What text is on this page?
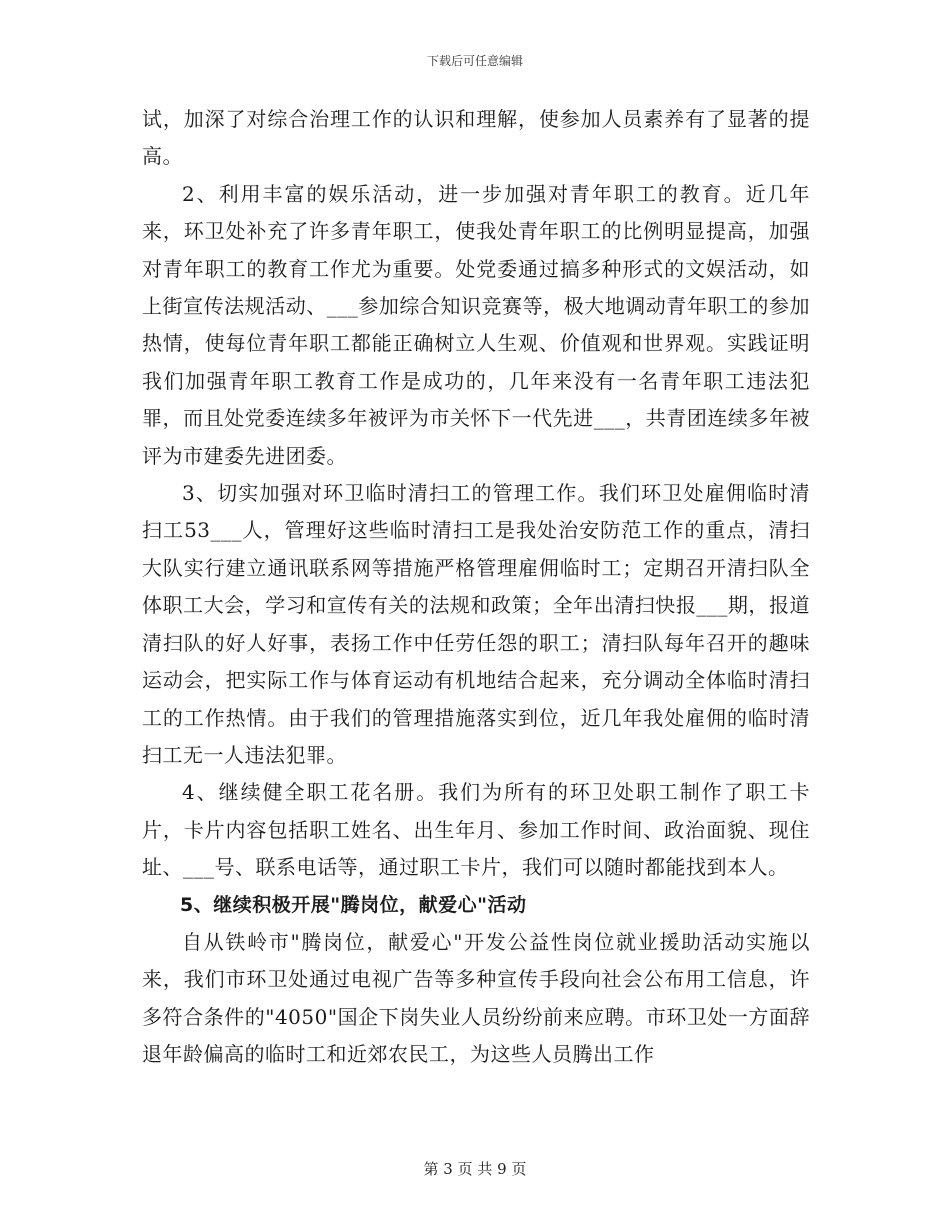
下载后可任意编辑

试，加深了对综合治理工作的认识和理解，使参加人员素养有了显著的提高。

2、利用丰富的娱乐活动，进一步加强对青年职工的教育。近几年来，环卫处补充了许多青年职工，使我处青年职工的比例明显提高，加强对青年职工的教育工作尤为重要。处党委通过搞多种形式的文娱活动，如上街宣传法规活动、___参加综合知识竞赛等，极大地调动青年职工的参加热情，使每位青年职工都能正确树立人生观、价值观和世界观。实践证明我们加强青年职工教育工作是成功的，几年来没有一名青年职工违法犯罪，而且处党委连续多年被评为市关怀下一代先进___，共青团连续多年被评为市建委先进团委。

3、切实加强对环卫临时清扫工的管理工作。我们环卫处雇佣临时清扫工53___人，管理好这些临时清扫工是我处治安防范工作的重点，清扫大队实行建立通讯联系网等措施严格管理雇佣临时工；定期召开清扫队全体职工大会，学习和宣传有关的法规和政策；全年出清扫快报___期，报道清扫队的好人好事，表扬工作中任劳任怨的职工；清扫队每年召开的趣味运动会，把实际工作与体育运动有机地结合起来，充分调动全体临时清扫工的工作热情。由于我们的管理措施落实到位，近几年我处雇佣的临时清扫工无一人违法犯罪。

4、继续健全职工花名册。我们为所有的环卫处职工制作了职工卡片，卡片内容包括职工姓名、出生年月、参加工作时间、政治面貌、现住址、___号、联系电话等，通过职工卡片，我们可以随时都能找到本人。

5、继续积极开展"腾岗位，献爱心"活动

自从铁岭市"腾岗位，献爱心"开发公益性岗位就业援助活动实施以来，我们市环卫处通过电视广告等多种宣传手段向社会公布用工信息，许多符合条件的"4050"国企下岗失业人员纷纷前来应聘。市环卫处一方面辞退年龄偏高的临时工和近郊农民工，为这些人员腾出工作

第 3 页 共 9 页
